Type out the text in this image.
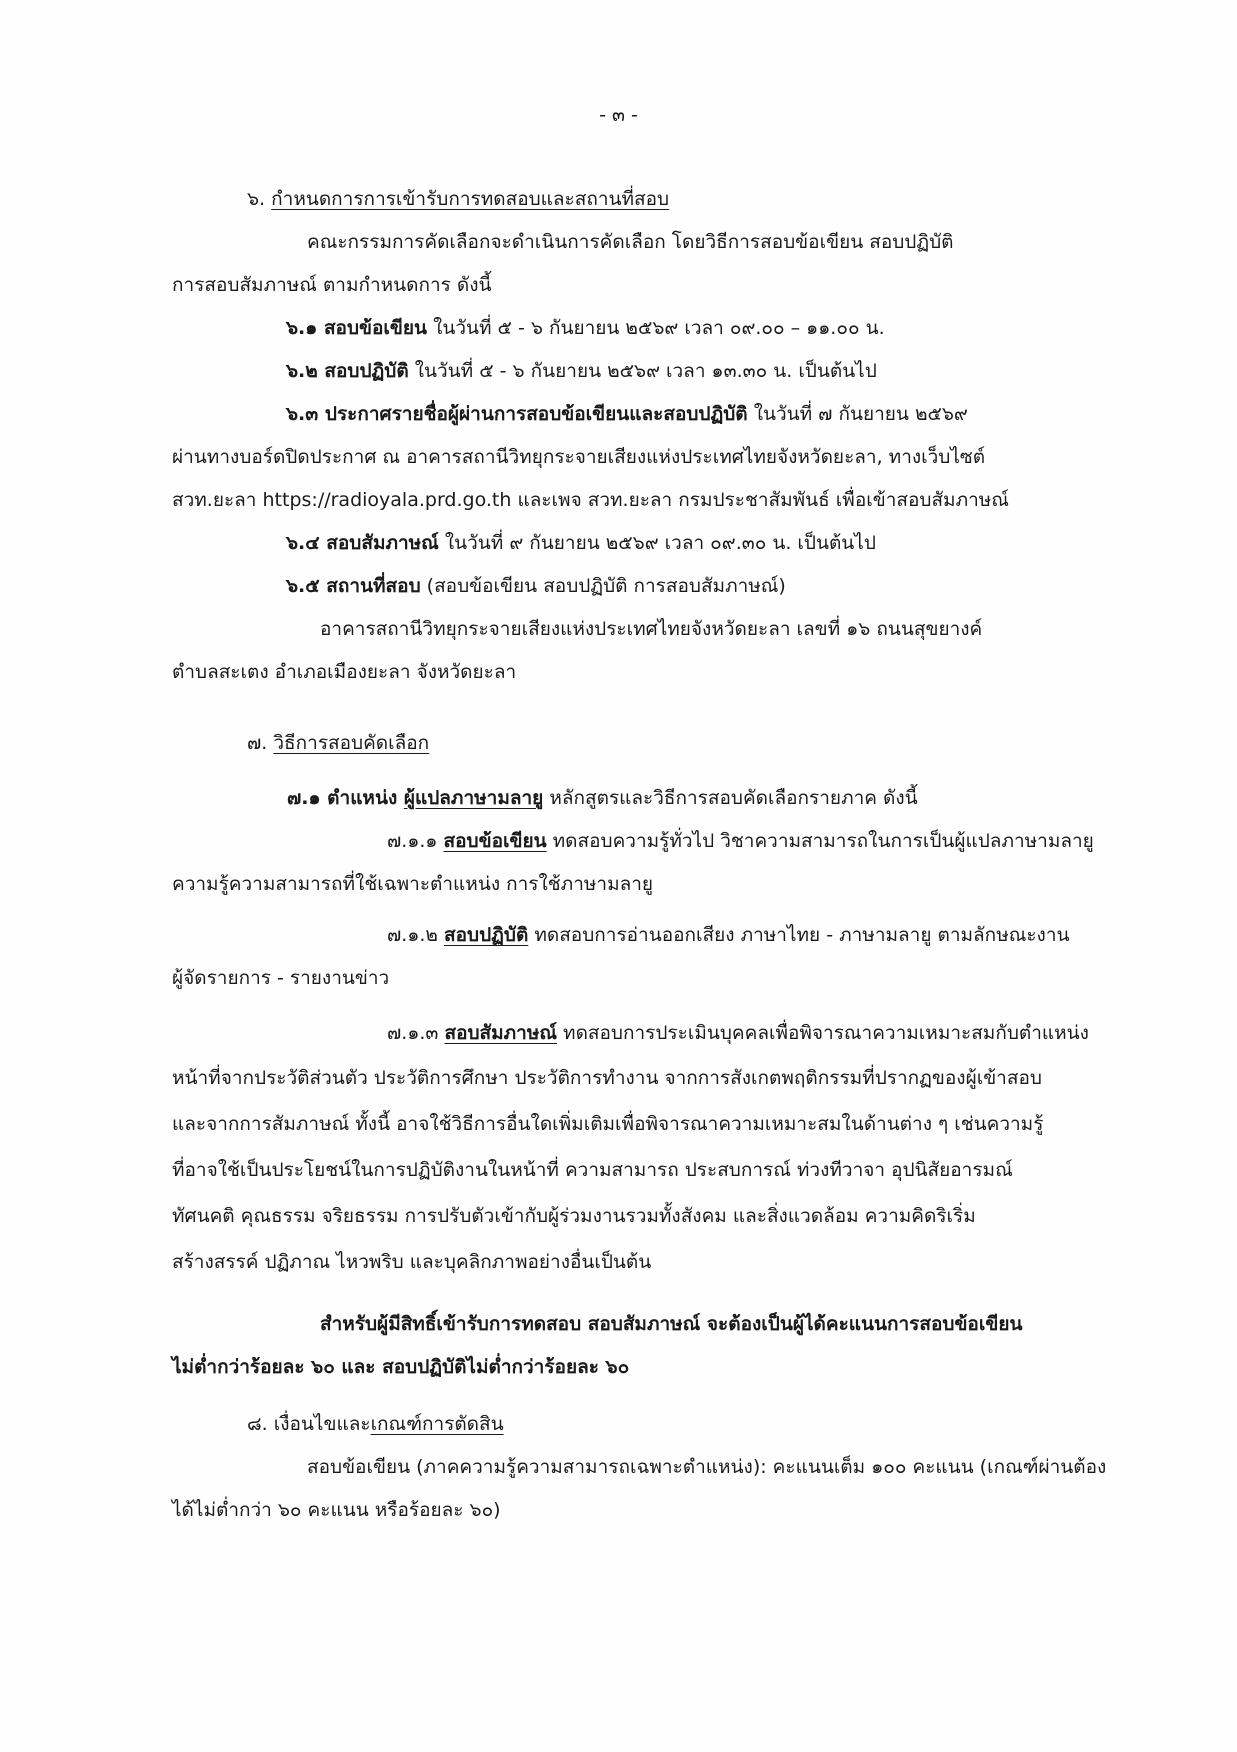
- ๓ -
๖. กำหนดการการเข้ารับการทดสอบและสถานที่สอบ
คณะกรรมการคัดเลือกจะดำเนินการคัดเลือก โดยวิธีการสอบข้อเขียน สอบปฏิบัติ
การสอบสัมภาษณ์ ตามกำหนดการ ดังนี้
๖.๑ สอบข้อเขียน ในวันที่ ๕ - ๖ กันยายน ๒๕๖๙ เวลา ๐๙.๐๐ – ๑๑.๐๐ น.
๖.๒ สอบปฏิบัติ ในวันที่ ๕ - ๖ กันยายน ๒๕๖๙ เวลา ๑๓.๓๐ น. เป็นต้นไป
๖.๓ ประกาศรายชื่อผู้ผ่านการสอบข้อเขียนและสอบปฏิบัติ ในวันที่ ๗ กันยายน ๒๕๖๙
ผ่านทางบอร์ดปิดประกาศ ณ อาคารสถานีวิทยุกระจายเสียงแห่งประเทศไทยจังหวัดยะลา, ทางเว็บไซต์
สวท.ยะลา https://radioyala.prd.go.th และเพจ สวท.ยะลา กรมประชาสัมพันธ์ เพื่อเข้าสอบสัมภาษณ์
๖.๔ สอบสัมภาษณ์ ในวันที่ ๙ กันยายน ๒๕๖๙ เวลา ๐๙.๓๐ น. เป็นต้นไป
๖.๕ สถานที่สอบ (สอบข้อเขียน สอบปฏิบัติ การสอบสัมภาษณ์)
อาคารสถานีวิทยุกระจายเสียงแห่งประเทศไทยจังหวัดยะลา เลขที่ ๑๖ ถนนสุขยางค์
ตำบลสะเตง อำเภอเมืองยะลา จังหวัดยะลา
๗. วิธีการสอบคัดเลือก
๗.๑ ตำแหน่ง ผู้แปลภาษามลายู หลักสูตรและวิธีการสอบคัดเลือกรายภาค ดังนี้
๗.๑.๑ สอบข้อเขียน ทดสอบความรู้ทั่วไป วิชาความสามารถในการเป็นผู้แปลภาษามลายู
ความรู้ความสามารถที่ใช้เฉพาะตำแหน่ง การใช้ภาษามลายู
๗.๑.๒ สอบปฏิบัติ ทดสอบการอ่านออกเสียง ภาษาไทย - ภาษามลายู ตามลักษณะงาน
ผู้จัดรายการ - รายงานข่าว
๗.๑.๓ สอบสัมภาษณ์ ทดสอบการประเมินบุคคลเพื่อพิจารณาความเหมาะสมกับตำแหน่ง
หน้าที่จากประวัติส่วนตัว ประวัติการศึกษา ประวัติการทำงาน จากการสังเกตพฤติกรรมที่ปรากฏของผู้เข้าสอบ
และจากการสัมภาษณ์ ทั้งนี้ อาจใช้วิธีการอื่นใดเพิ่มเติมเพื่อพิจารณาความเหมาะสมในด้านต่าง ๆ เช่นความรู้
ที่อาจใช้เป็นประโยชน์ในการปฏิบัติงานในหน้าที่ ความสามารถ ประสบการณ์ ท่วงทีวาจา อุปนิสัยอารมณ์
ทัศนคติ คุณธรรม จริยธรรม การปรับตัวเข้ากับผู้ร่วมงานรวมทั้งสังคม และสิ่งแวดล้อม ความคิดริเริ่ม
สร้างสรรค์ ปฏิภาณ ไหวพริบ และบุคลิกภาพอย่างอื่นเป็นต้น
สำหรับผู้มีสิทธิ์เข้ารับการทดสอบ สอบสัมภาษณ์ จะต้องเป็นผู้ได้คะแนนการสอบข้อเขียน
ไม่ต่ำกว่าร้อยละ ๖๐ และ สอบปฏิบัติไม่ต่ำกว่าร้อยละ ๖๐
๘. เงื่อนไขและเกณฑ์การตัดสิน
สอบข้อเขียน (ภาคความรู้ความสามารถเฉพาะตำแหน่ง): คะแนนเต็ม ๑๐๐ คะแนน (เกณฑ์ผ่านต้อง
ได้ไม่ต่ำกว่า ๖๐ คะแนน หรือร้อยละ ๖๐)
